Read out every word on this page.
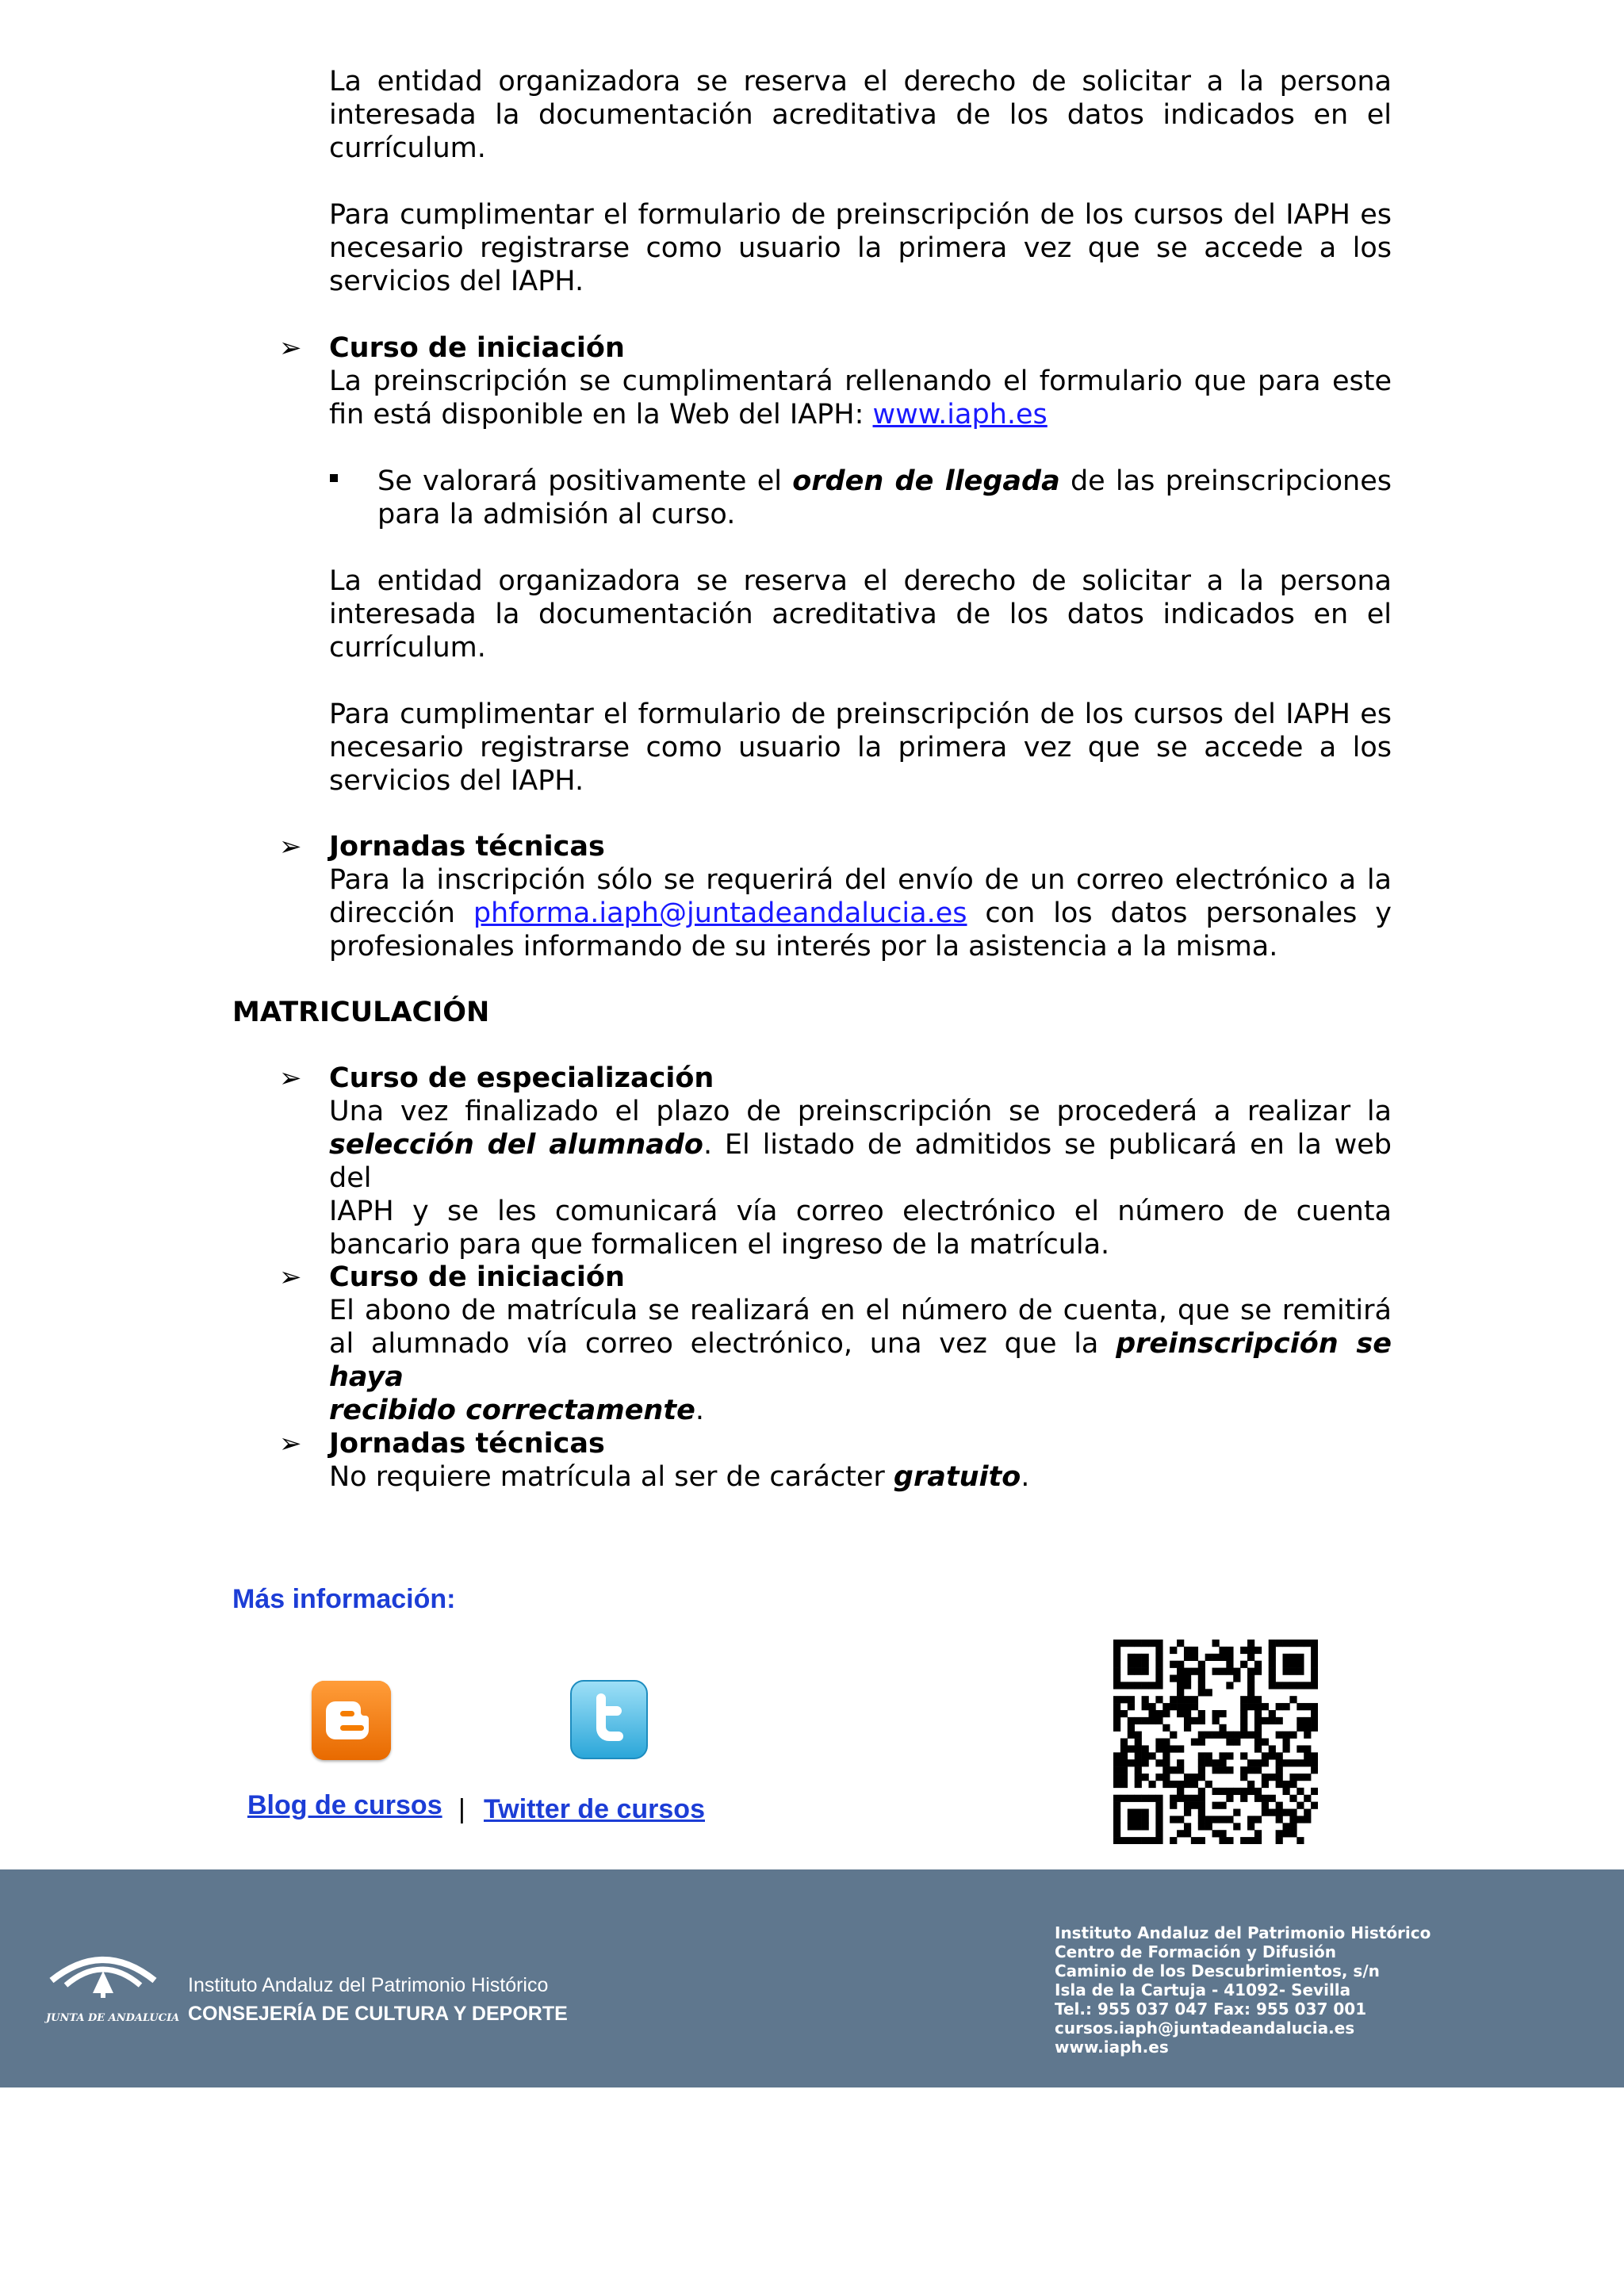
La entidad organizadora se reserva el derecho de solicitar a la persona
interesada la documentación acreditativa de los datos indicados en el
currículum.
Para cumplimentar el formulario de preinscripción de los cursos del IAPH es
necesario registrarse como usuario la primera vez que se accede a los
servicios del IAPH.
➢ Curso de iniciación
La preinscripción se cumplimentará rellenando el formulario que para este
fin está disponible en la Web del IAPH: www.iaph.es
Se valorará positivamente el orden de llegada de las preinscripciones
para la admisión al curso.
La entidad organizadora se reserva el derecho de solicitar a la persona
interesada la documentación acreditativa de los datos indicados en el
currículum.
Para cumplimentar el formulario de preinscripción de los cursos del IAPH es
necesario registrarse como usuario la primera vez que se accede a los
servicios del IAPH.
➢ Jornadas técnicas
Para la inscripción sólo se requerirá del envío de un correo electrónico a la
dirección phforma.iaph@juntadeandalucia.es con los datos personales y
profesionales informando de su interés por la asistencia a la misma.
MATRICULACIÓN
➢ Curso de especialización
Una vez finalizado el plazo de preinscripción se procederá a realizar la
selección del alumnado. El listado de admitidos se publicará en la web del
IAPH y se les comunicará vía correo electrónico el número de cuenta
bancario para que formalicen el ingreso de la matrícula.
➢ Curso de iniciación
El abono de matrícula se realizará en el número de cuenta, que se remitirá
al alumnado vía correo electrónico, una vez que la preinscripción se haya
recibido correctamente.
➢ Jornadas técnicas
No requiere matrícula al ser de carácter gratuito.
Más información:
Blog de cursos | Twitter de cursos
JUNTA DE ANDALUCIA
Instituto Andaluz del Patrimonio Histórico
CONSEJERÍA DE CULTURA Y DEPORTE
Instituto Andaluz del Patrimonio Histórico
Centro de Formación y Difusión
Caminio de los Descubrimientos, s/n
Isla de la Cartuja - 41092- Sevilla
Tel.: 955 037 047 Fax: 955 037 001
cursos.iaph@juntadeandalucia.es
www.iaph.es
